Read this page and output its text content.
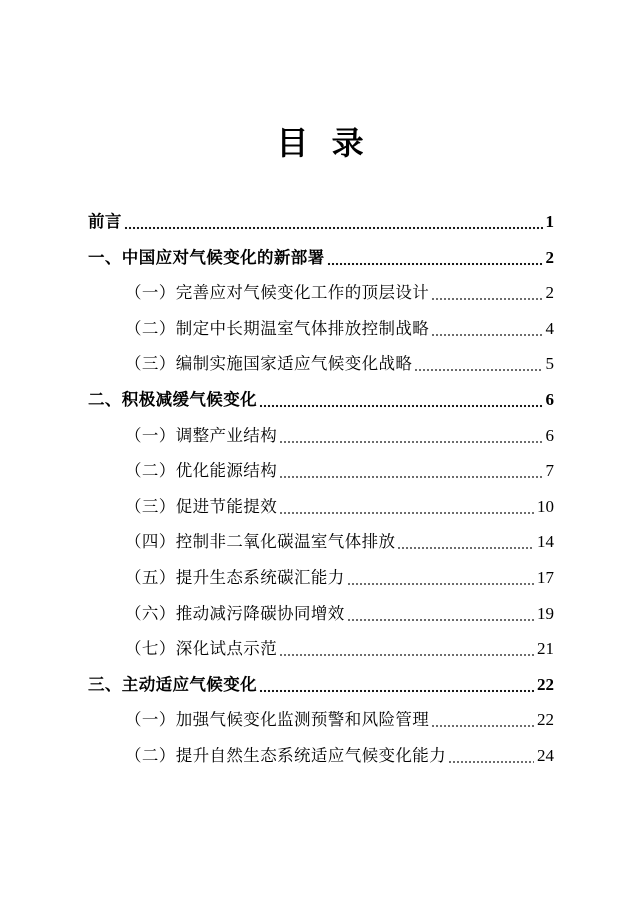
目 录
前言	1
一、中国应对气候变化的新部署	2
（一）完善应对气候变化工作的顶层设计	2
（二）制定中长期温室气体排放控制战略	4
（三）编制实施国家适应气候变化战略	5
二、积极减缓气候变化	6
（一）调整产业结构	6
（二）优化能源结构	7
（三）促进节能提效	10
（四）控制非二氧化碳温室气体排放	14
（五）提升生态系统碳汇能力	17
（六）推动减污降碳协同增效	19
（七）深化试点示范	21
三、主动适应气候变化	22
（一）加强气候变化监测预警和风险管理	22
（二）提升自然生态系统适应气候变化能力	24
